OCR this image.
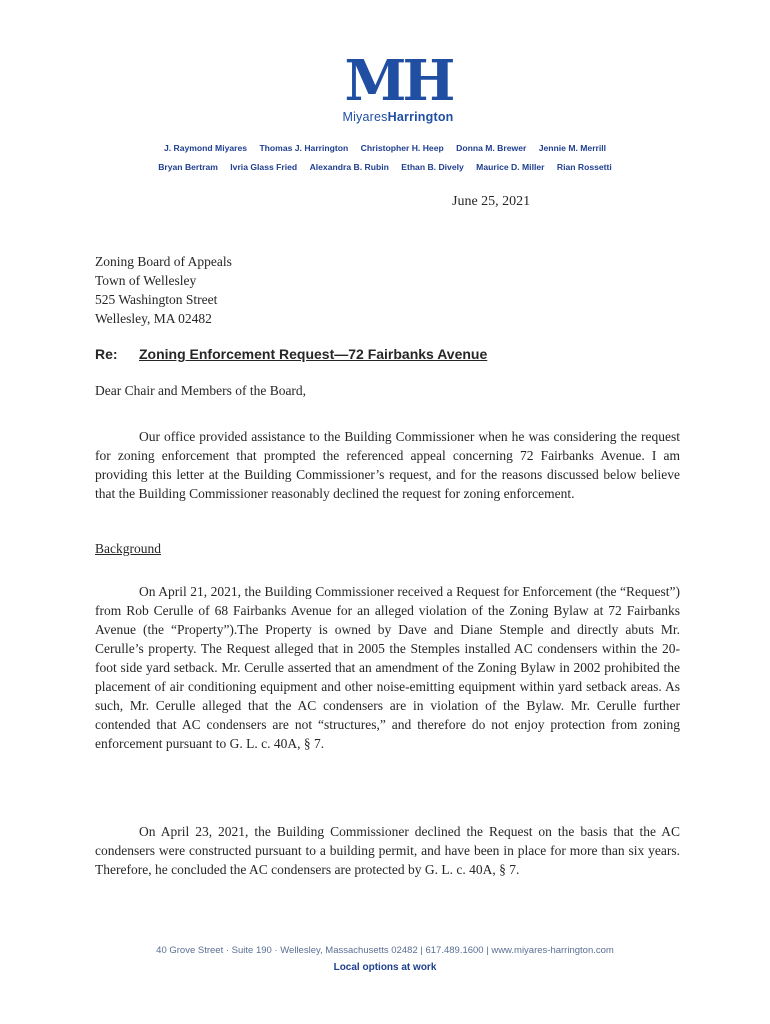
MH
MiyaresHarrington
J. Raymond Miyares Thomas J. Harrington Christopher H. Heep Donna M. Brewer Jennie M. Merrill
Bryan Bertram Ivria Glass Fried Alexandra B. Rubin Ethan B. Dively Maurice D. Miller Rian Rossetti
June 25, 2021
Zoning Board of Appeals
Town of Wellesley
525 Washington Street
Wellesley, MA 02482
Re: Zoning Enforcement Request—72 Fairbanks Avenue
Dear Chair and Members of the Board,
Our office provided assistance to the Building Commissioner when he was considering the request for zoning enforcement that prompted the referenced appeal concerning 72 Fairbanks Avenue. I am providing this letter at the Building Commissioner’s request, and for the reasons discussed below believe that the Building Commissioner reasonably declined the request for zoning enforcement.
Background
On April 21, 2021, the Building Commissioner received a Request for Enforcement (the “Request”) from Rob Cerulle of 68 Fairbanks Avenue for an alleged violation of the Zoning Bylaw at 72 Fairbanks Avenue (the “Property”).The Property is owned by Dave and Diane Stemple and directly abuts Mr. Cerulle’s property. The Request alleged that in 2005 the Stemples installed AC condensers within the 20-foot side yard setback. Mr. Cerulle asserted that an amendment of the Zoning Bylaw in 2002 prohibited the placement of air conditioning equipment and other noise-emitting equipment within yard setback areas. As such, Mr. Cerulle alleged that the AC condensers are in violation of the Bylaw. Mr. Cerulle further contended that AC condensers are not “structures,” and therefore do not enjoy protection from zoning enforcement pursuant to G. L. c. 40A, § 7.
On April 23, 2021, the Building Commissioner declined the Request on the basis that the AC condensers were constructed pursuant to a building permit, and have been in place for more than six years. Therefore, he concluded the AC condensers are protected by G. L. c. 40A, § 7.
40 Grove Street · Suite 190 · Wellesley, Massachusetts 02482 | 617.489.1600 | www.miyares-harrington.com
Local options at work
